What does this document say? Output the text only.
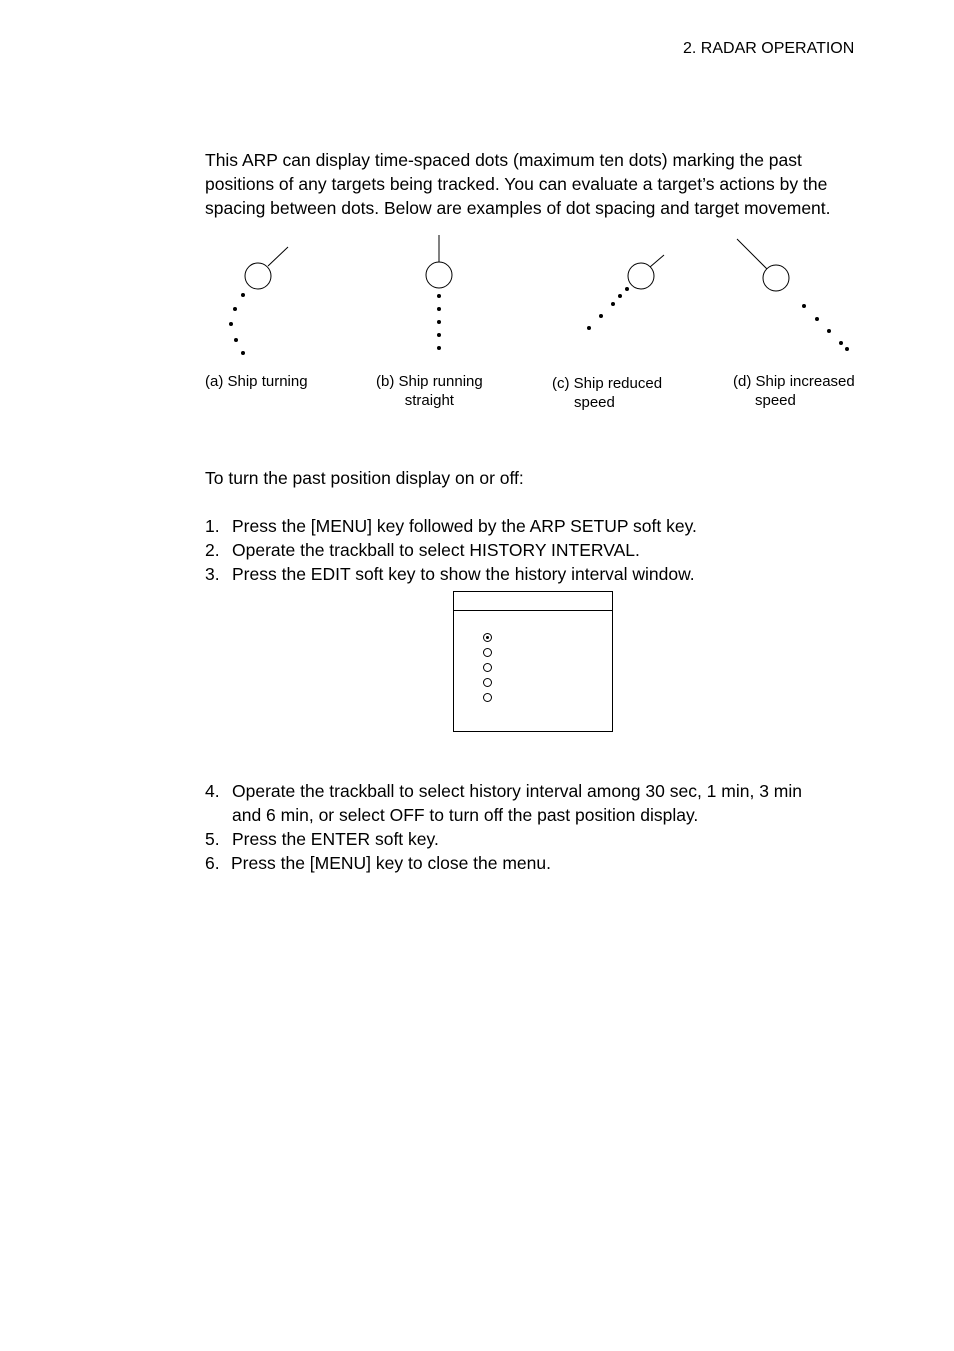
2. RADAR OPERATION
This ARP can display time-spaced dots (maximum ten dots) marking the past
positions of any targets being tracked. You can evaluate a target’s actions by the
spacing between dots. Below are examples of dot spacing and target movement.
(a) Ship turning	(b) Ship running
straight
(c) Ship reduced
speed
(d) Ship increased
speed
To turn the past position display on or off:
1. Press the [MENU] key followed by the ARP SETUP soft key.
2. Operate the trackball to select HISTORY INTERVAL.
3. Press the EDIT soft key to show the history interval window.
4. Operate the trackball to select history interval among 30 sec, 1 min, 3 min
and 6 min, or select OFF to turn off the past position display.
5. Press the ENTER soft key.
6. Press the [MENU] key to close the menu.
